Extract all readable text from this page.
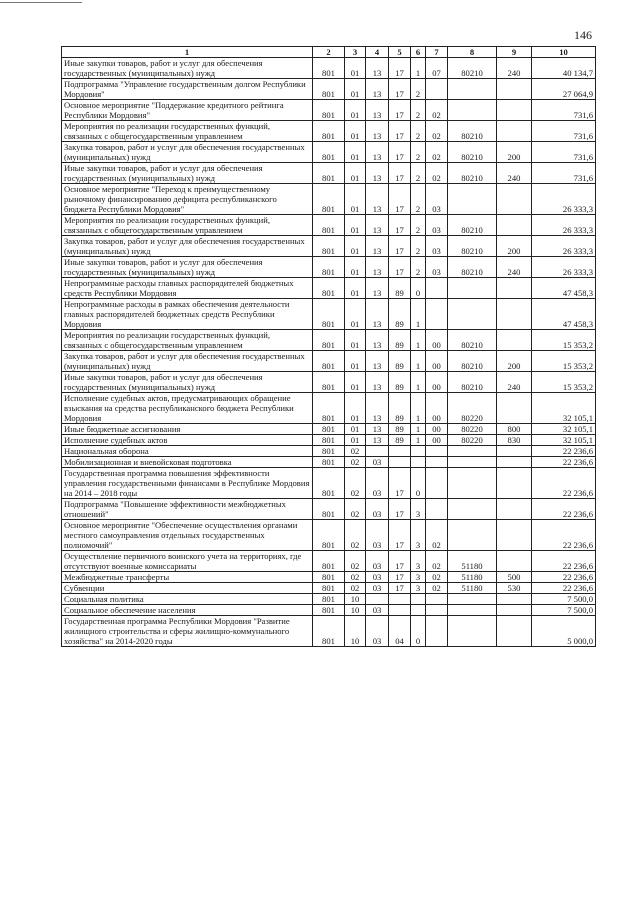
146
1	2	3	4	5	6	7	8	9	10
Иные закупки товаров, работ и услуг для обеспечения государственных (муниципальных) нужд	801	01	13	17	1	07	80210	240	40 134,7
Подпрограмма "Управление государственным долгом Республики Мордовия"	801	01	13	17	2				27 064,9
Основное мероприятие "Поддержание кредитного рейтинга Республики Мордовия"	801	01	13	17	2	02			731,6
Мероприятия по реализации государственных функций, связанных с общегосударственным управлением	801	01	13	17	2	02	80210		731,6
Закупка товаров, работ и услуг для обеспечения государственных (муниципальных) нужд	801	01	13	17	2	02	80210	200	731,6
Иные закупки товаров, работ и услуг для обеспечения государственных (муниципальных) нужд	801	01	13	17	2	02	80210	240	731,6
Основное мероприятие "Переход к преимущественному рыночному финансированию дефицита республиканского бюджета Республики Мордовия"	801	01	13	17	2	03			26 333,3
Мероприятия по реализации государственных функций, связанных с общегосударственным управлением	801	01	13	17	2	03	80210		26 333,3
Закупка товаров, работ и услуг для обеспечения государственных (муниципальных) нужд	801	01	13	17	2	03	80210	200	26 333,3
Иные закупки товаров, работ и услуг для обеспечения государственных (муниципальных) нужд	801	01	13	17	2	03	80210	240	26 333,3
Непрограммные расходы главных распорядителей бюджетных средств Республики Мордовия	801	01	13	89	0				47 458,3
Непрограммные расходы в рамках обеспечения деятельности главных распорядителей бюджетных средств Республики Мордовия	801	01	13	89	1				47 458,3
Мероприятия по реализации государственных функций, связанных с общегосударственным управлением	801	01	13	89	1	00	80210		15 353,2
Закупка товаров, работ и услуг для обеспечения государственных (муниципальных) нужд	801	01	13	89	1	00	80210	200	15 353,2
Иные закупки товаров, работ и услуг для обеспечения государственных (муниципальных) нужд	801	01	13	89	1	00	80210	240	15 353,2
Исполнение судебных актов, предусматривающих обращение взыскания на средства республиканского бюджета Республики Мордовия	801	01	13	89	1	00	80220		32 105,1
Иные бюджетные ассигнования	801	01	13	89	1	00	80220	800	32 105,1
Исполнение судебных актов	801	01	13	89	1	00	80220	830	32 105,1
Национальная оборона	801	02							22 236,6
Мобилизационная и вневойсковая подготовка	801	02	03						22 236,6
Государственная программа повышения эффективности управления государственными финансами в Республике Мордовия на 2014 – 2018 годы	801	02	03	17	0				22 236,6
Подпрограмма "Повышение эффективности межбюджетных отношений"	801	02	03	17	3				22 236,6
Основное мероприятие "Обеспечение осуществления органами местного самоуправления отдельных государственных полномочий"	801	02	03	17	3	02			22 236,6
Осуществление первичного воинского учета на территориях, где отсутствуют военные комиссариаты	801	02	03	17	3	02	51180		22 236,6
Межбюджетные трансферты	801	02	03	17	3	02	51180	500	22 236,6
Субвенции	801	02	03	17	3	02	51180	530	22 236,6
Социальная политика	801	10							7 500,0
Социальное обеспечение населения	801	10	03						7 500,0
Государственная программа Республики Мордовия "Развитие жилищного строительства и сферы жилищно-коммунального хозяйства" на 2014-2020 годы	801	10	03	04	0				5 000,0
